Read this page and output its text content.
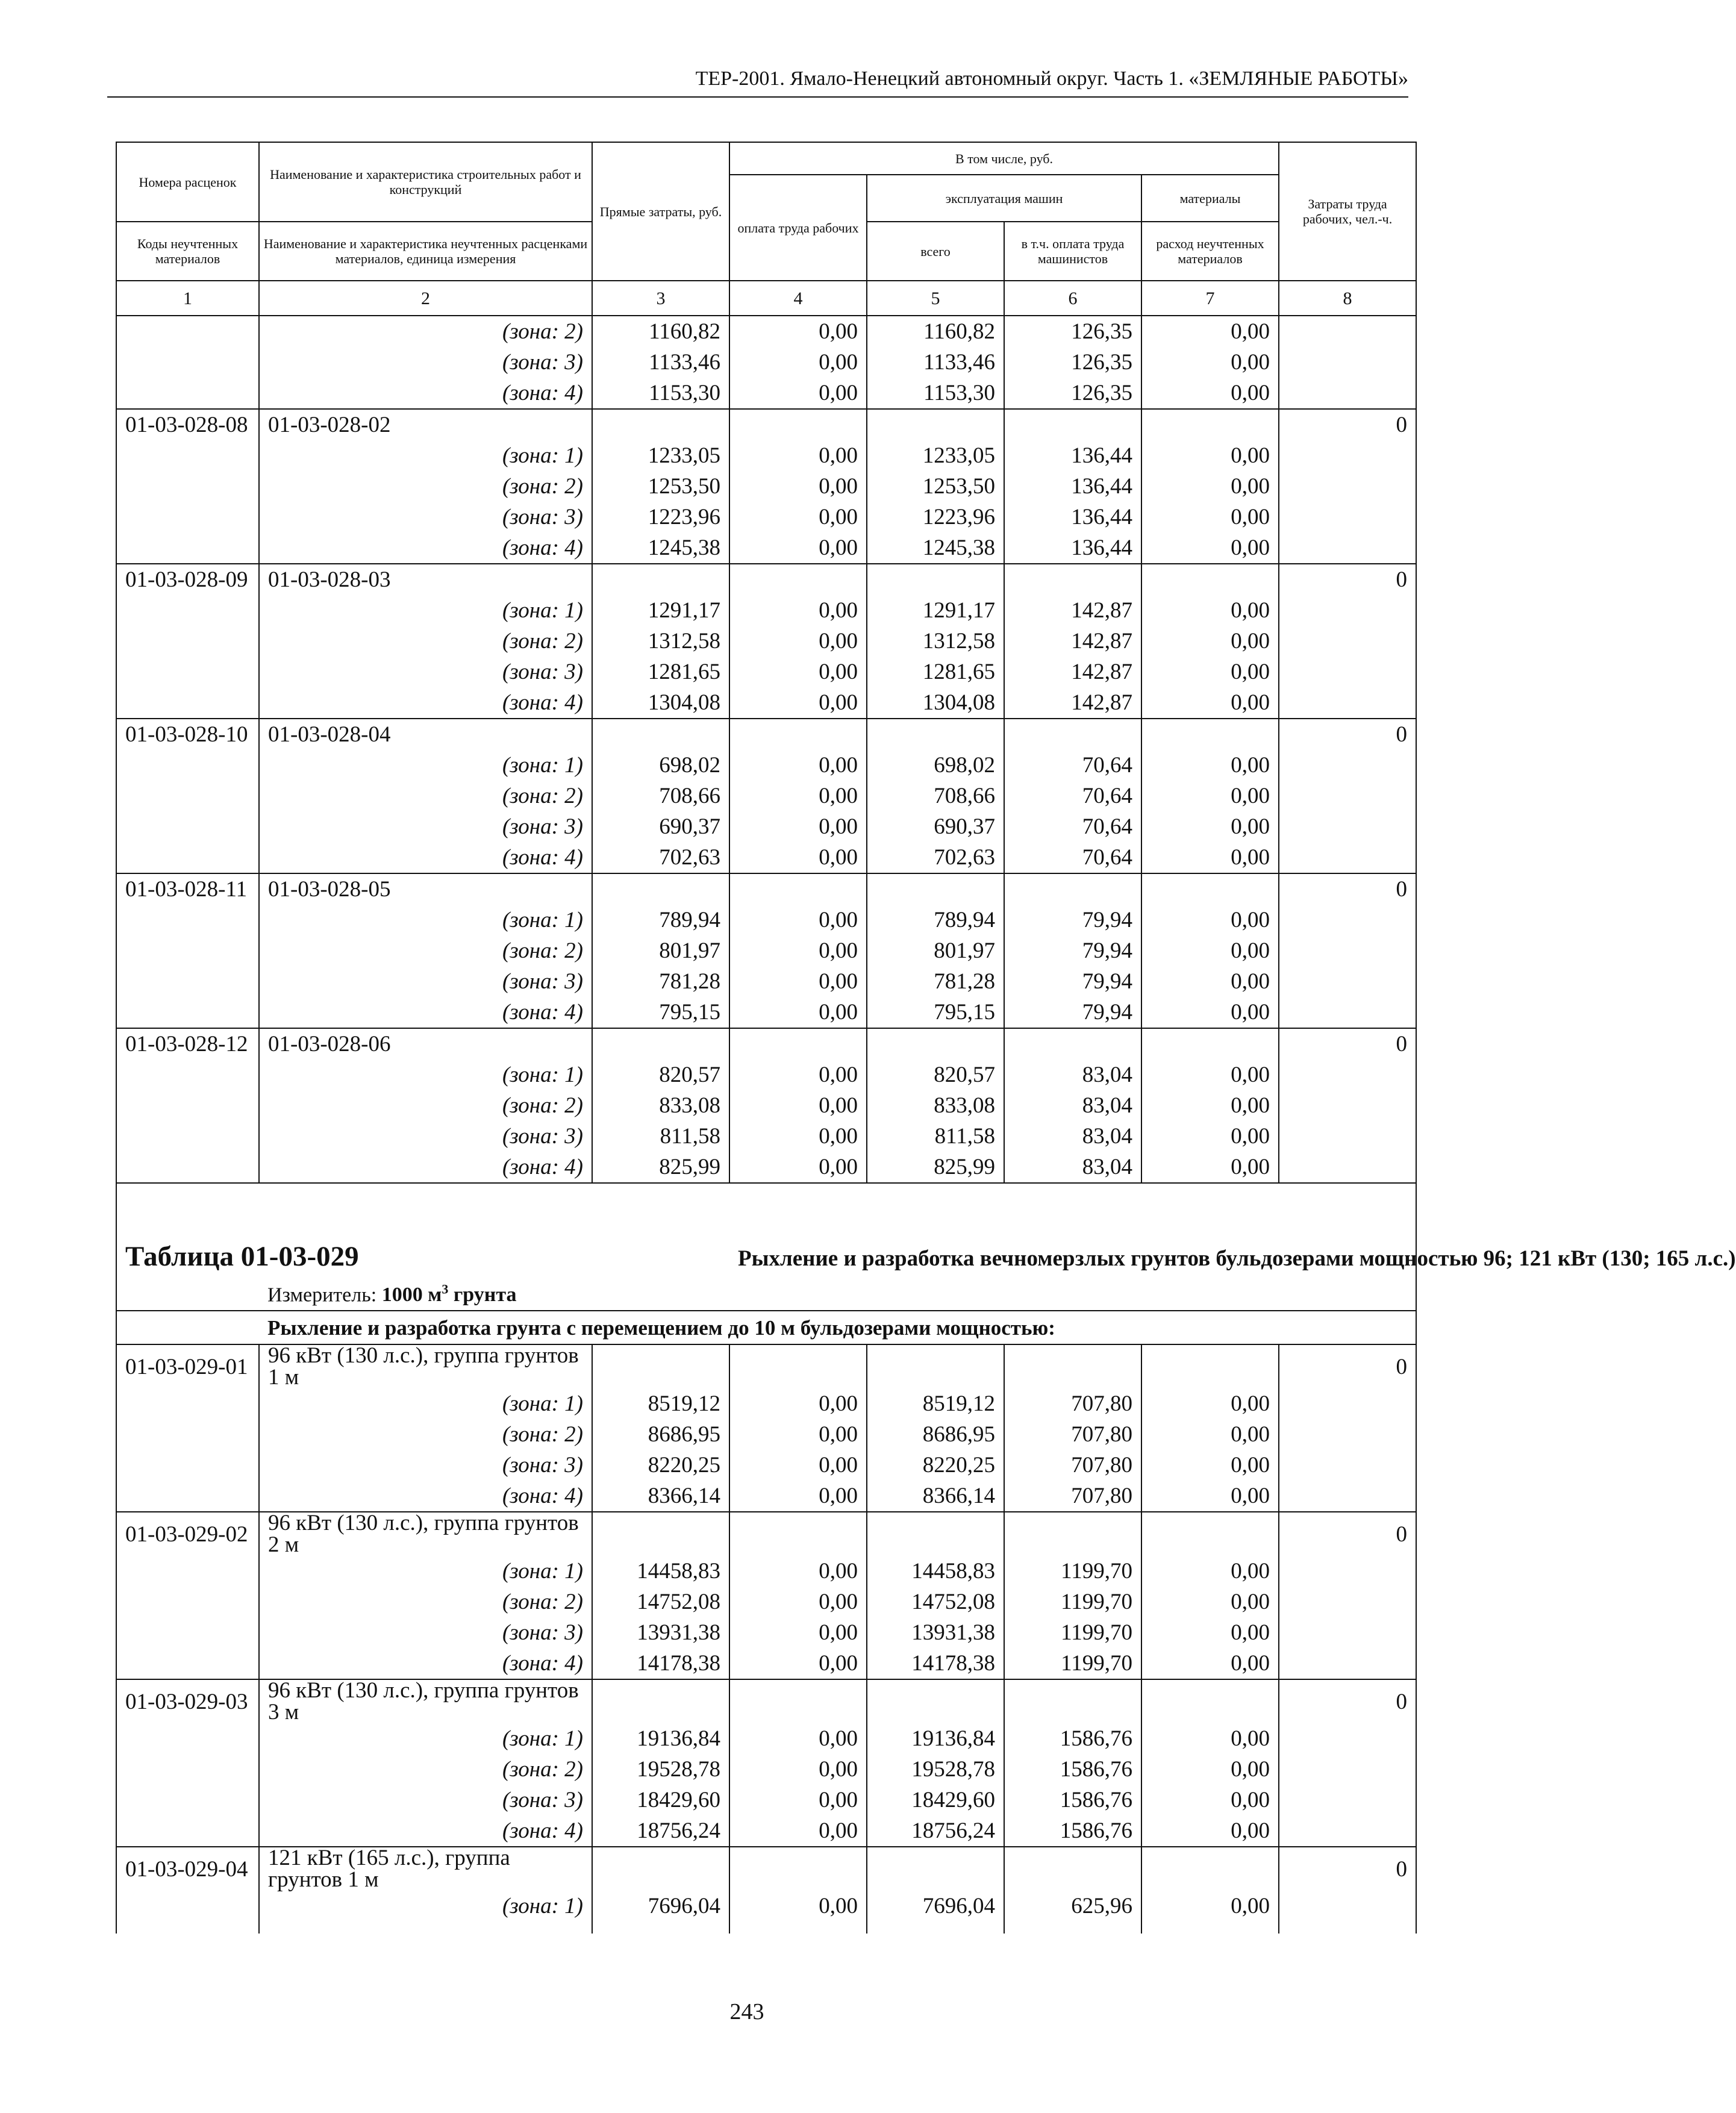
ТЕР-2001. Ямало-Ненецкий автономный округ. Часть 1. «ЗЕМЛЯНЫЕ РАБОТЫ»
Номера расценок	Наименование и характеристика строительных работ и конструкций	Прямые затраты, руб.	В том числе, руб.				Затраты труда рабочих, чел.-ч.
			оплата труда рабочих	эксплуатация машин		материалы	
Коды неучтенных материалов	Наименование и характеристика неучтенных расценками материалов, единица измерения			всего	в т.ч. оплата труда машинистов	расход неучтенных материалов	
1	2	3	4	5	6	7	8
	(зона: 2)	1160,82	0,00	1160,82	126,35	0,00	
	(зона: 3)	1133,46	0,00	1133,46	126,35	0,00	
	(зона: 4)	1153,30	0,00	1153,30	126,35	0,00	
01-03-028-08	01-03-028-02						0
	(зона: 1)	1233,05	0,00	1233,05	136,44	0,00	
	(зона: 2)	1253,50	0,00	1253,50	136,44	0,00	
	(зона: 3)	1223,96	0,00	1223,96	136,44	0,00	
	(зона: 4)	1245,38	0,00	1245,38	136,44	0,00	
01-03-028-09	01-03-028-03						0
	(зона: 1)	1291,17	0,00	1291,17	142,87	0,00	
	(зона: 2)	1312,58	0,00	1312,58	142,87	0,00	
	(зона: 3)	1281,65	0,00	1281,65	142,87	0,00	
	(зона: 4)	1304,08	0,00	1304,08	142,87	0,00	
01-03-028-10	01-03-028-04						0
	(зона: 1)	698,02	0,00	698,02	70,64	0,00	
	(зона: 2)	708,66	0,00	708,66	70,64	0,00	
	(зона: 3)	690,37	0,00	690,37	70,64	0,00	
	(зона: 4)	702,63	0,00	702,63	70,64	0,00	
01-03-028-11	01-03-028-05						0
	(зона: 1)	789,94	0,00	789,94	79,94	0,00	
	(зона: 2)	801,97	0,00	801,97	79,94	0,00	
	(зона: 3)	781,28	0,00	781,28	79,94	0,00	
	(зона: 4)	795,15	0,00	795,15	79,94	0,00	
01-03-028-12	01-03-028-06						0
	(зона: 1)	820,57	0,00	820,57	83,04	0,00	
	(зона: 2)	833,08	0,00	833,08	83,04	0,00	
	(зона: 3)	811,58	0,00	811,58	83,04	0,00	
	(зона: 4)	825,99	0,00	825,99	83,04	0,00	
Таблица 01-03-029			Рыхление и разработка вечномерзлых грунтов бульдозерами мощностью 96; 121 кВт (130; 165 л.с.)				
	Измеритель: 1000 $м^3$ грунта						
	Рыхление и разработка грунта с перемещением до 10 м бульдозерами мощностью:						
01-03-029-01	96 кВт (130 л.с.), группа грунтов 1 м						0
	(зона: 1)	8519,12	0,00	8519,12	707,80	0,00	
	(зона: 2)	8686,95	0,00	8686,95	707,80	0,00	
	(зона: 3)	8220,25	0,00	8220,25	707,80	0,00	
	(зона: 4)	8366,14	0,00	8366,14	707,80	0,00	
01-03-029-02	96 кВт (130 л.с.), группа грунтов 2 м						0
	(зона: 1)	14458,83	0,00	14458,83	1199,70	0,00	
	(зона: 2)	14752,08	0,00	14752,08	1199,70	0,00	
	(зона: 3)	13931,38	0,00	13931,38	1199,70	0,00	
	(зона: 4)	14178,38	0,00	14178,38	1199,70	0,00	
01-03-029-03	96 кВт (130 л.с.), группа грунтов 3 м						0
	(зона: 1)	19136,84	0,00	19136,84	1586,76	0,00	
	(зона: 2)	19528,78	0,00	19528,78	1586,76	0,00	
	(зона: 3)	18429,60	0,00	18429,60	1586,76	0,00	
	(зона: 4)	18756,24	0,00	18756,24	1586,76	0,00	
01-03-029-04	121 кВт (165 л.с.), группа грунтов 1 м						0
	(зона: 1)	7696,04	0,00	7696,04	625,96	0,00	

243
